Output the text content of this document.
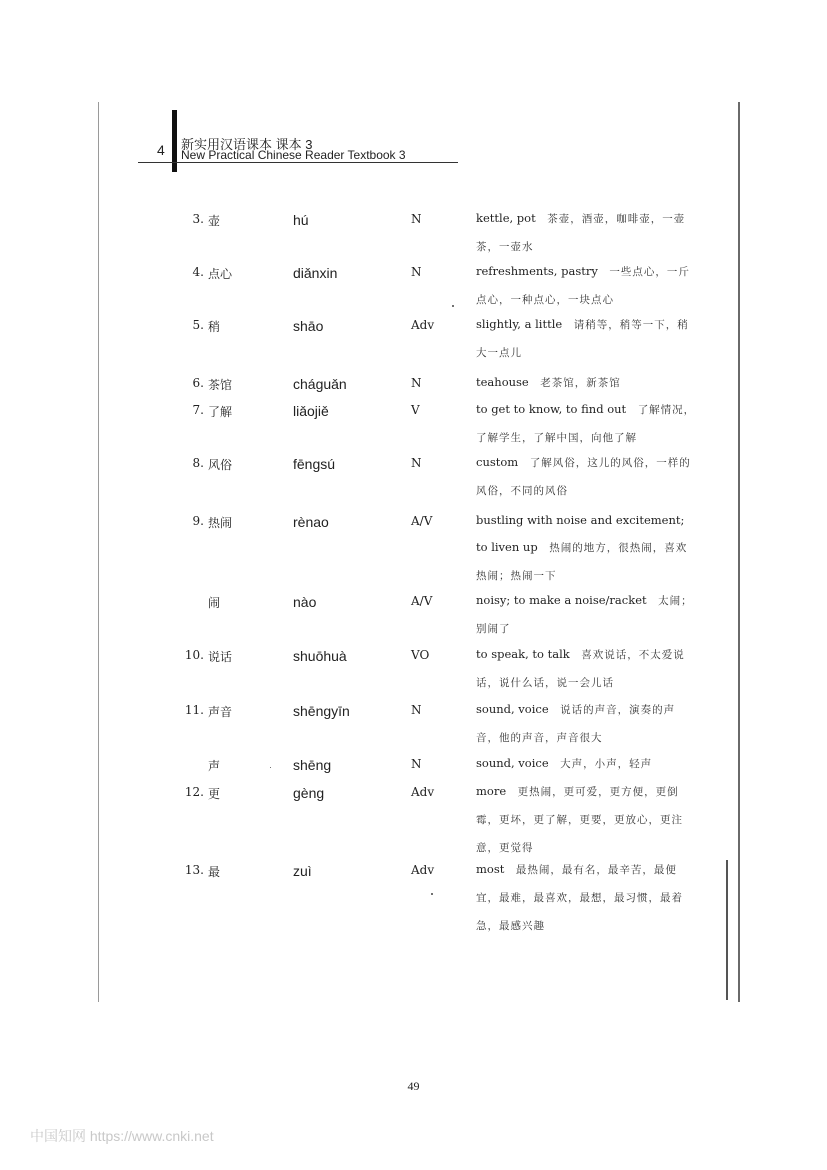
4 新实用汉语课本 课本 3
New Practical Chinese Reader Textbook 3
3. 壶	hú	N	kettle, pot  茶壶，酒壶，咖啡壶，一壶茶，一壶水
4. 点心	diǎnxin	N	refreshments, pastry  一些点心，一斤点心，一种点心，一块点心
5. 稍	shāo	Adv	slightly, a little  请稍等，稍等一下，稍大一点儿
6. 茶馆	cháguǎn	N	teahouse  老茶馆，新茶馆
7. 了解	liǎojiě	V	to get to know, to find out  了解情况，了解学生，了解中国，向他了解
8. 风俗	fēngsú	N	custom  了解风俗，这儿的风俗，一样的风俗，不同的风俗
9. 热闹	rènao	A/V	bustling with noise and excitement; to liven up  热闹的地方，很热闹，喜欢热闹；热闹一下
闹	nào	A/V	noisy; to make a noise/racket  太闹；别闹了
10. 说话	shuōhuà	VO	to speak, to talk  喜欢说话，不太爱说话，说什么话，说一会儿话
11. 声音	shēngyīn	N	sound, voice  说话的声音，演奏的声音，他的声音，声音很大
声	shēng	N	sound, voice  大声，小声，轻声
12. 更	gèng	Adv	more  更热闹，更可爱，更方便，更倒霉，更坏，更了解，更要，更放心，更注意，更觉得
13. 最	zuì	Adv	most  最热闹，最有名，最辛苦，最便宜，最难，最喜欢，最想，最习惯，最着急，最感兴趣
49
中国知网 https://www.cnki.net
